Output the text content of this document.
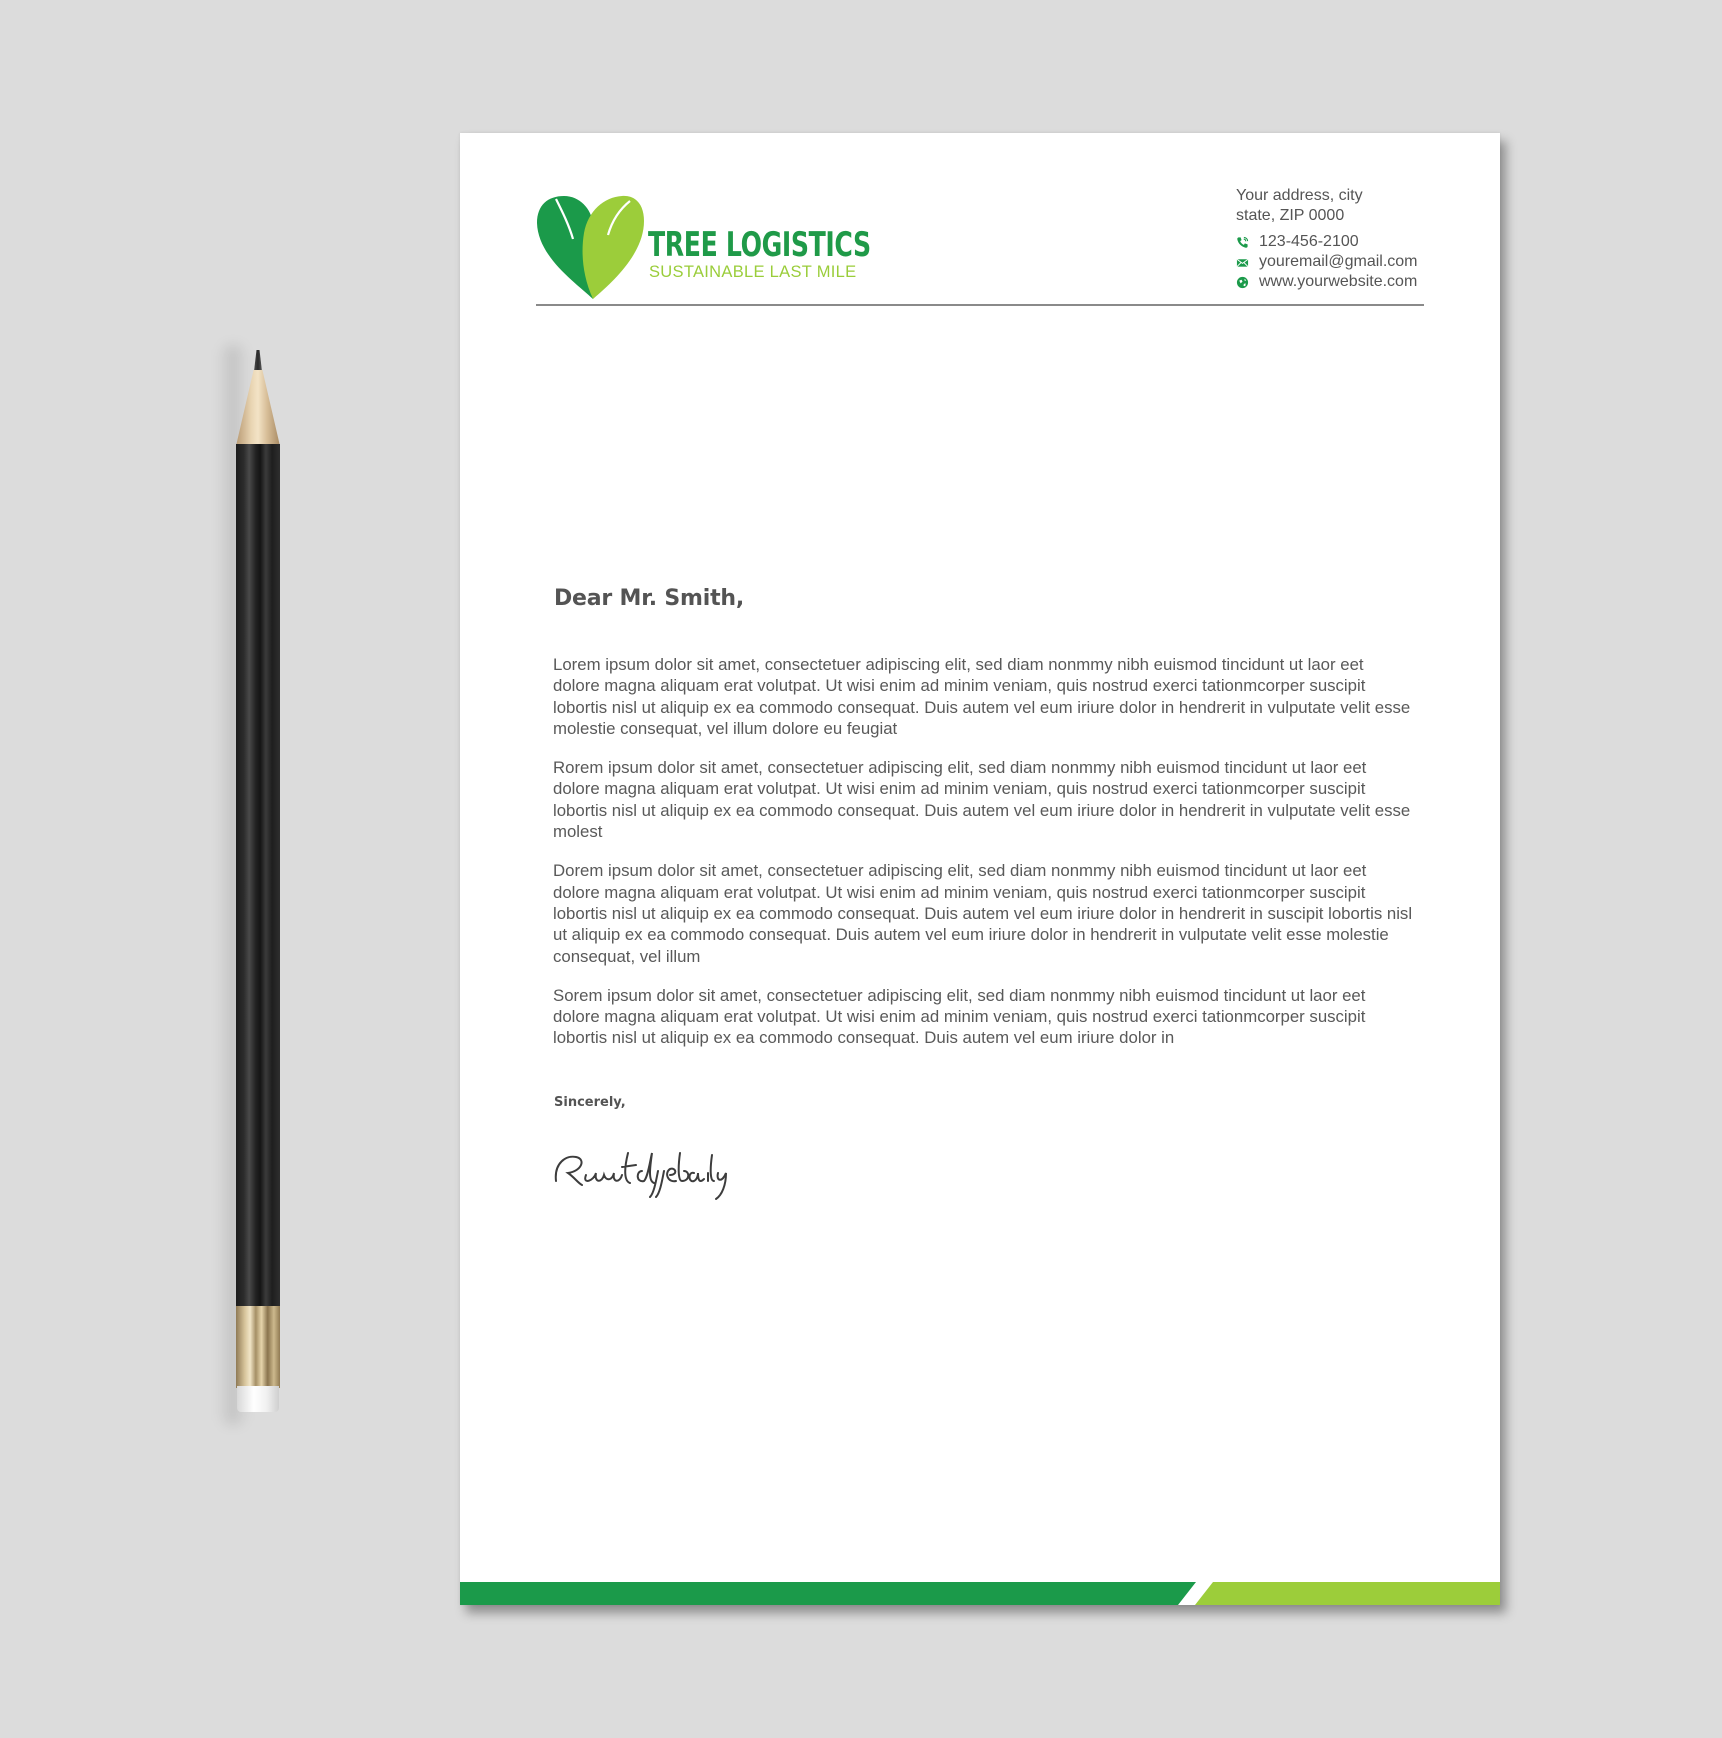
TREE LOGISTICS
SUSTAINABLE LAST MILE
Your address, city
state, ZIP 0000
123-456-2100
youremail@gmail.com
www.yourwebsite.com
Dear Mr. Smith,

Lorem ipsum dolor sit amet, consectetuer adipiscing elit, sed diam nonmmy nibh euismod tincidunt ut laor eet dolore magna aliquam erat volutpat. Ut wisi enim ad minim veniam, quis nostrud exerci tationmcorper suscipit lobortis nisl ut aliquip ex ea commodo consequat. Duis autem vel eum iriure dolor in hendrerit in vulputate velit esse molestie consequat, vel illum dolore eu feugiat

Rorem ipsum dolor sit amet, consectetuer adipiscing elit, sed diam nonmmy nibh euismod tincidunt ut laor eet dolore magna aliquam erat volutpat. Ut wisi enim ad minim veniam, quis nostrud exerci tationmcorper suscipit lobortis nisl ut aliquip ex ea commodo consequat. Duis autem vel eum iriure dolor in hendrerit in vulputate velit esse molest

Dorem ipsum dolor sit amet, consectetuer adipiscing elit, sed diam nonmmy nibh euismod tincidunt ut laor eet dolore magna aliquam erat volutpat. Ut wisi enim ad minim veniam, quis nostrud exerci tationmcorper suscipit lobortis nisl ut aliquip ex ea commodo consequat. Duis autem vel eum iriure dolor in hendrerit in suscipit lobortis nisl ut aliquip ex ea commodo consequat. Duis autem vel eum iriure dolor in hendrerit in vulputate velit esse molestie consequat, vel illum

Sorem ipsum dolor sit amet, consectetuer adipiscing elit, sed diam nonmmy nibh euismod tincidunt ut laor eet dolore magna aliquam erat volutpat. Ut wisi enim ad minim veniam, quis nostrud exerci tationmcorper suscipit lobortis nisl ut aliquip ex ea commodo consequat. Duis autem vel eum iriure dolor in

Sincerely,
